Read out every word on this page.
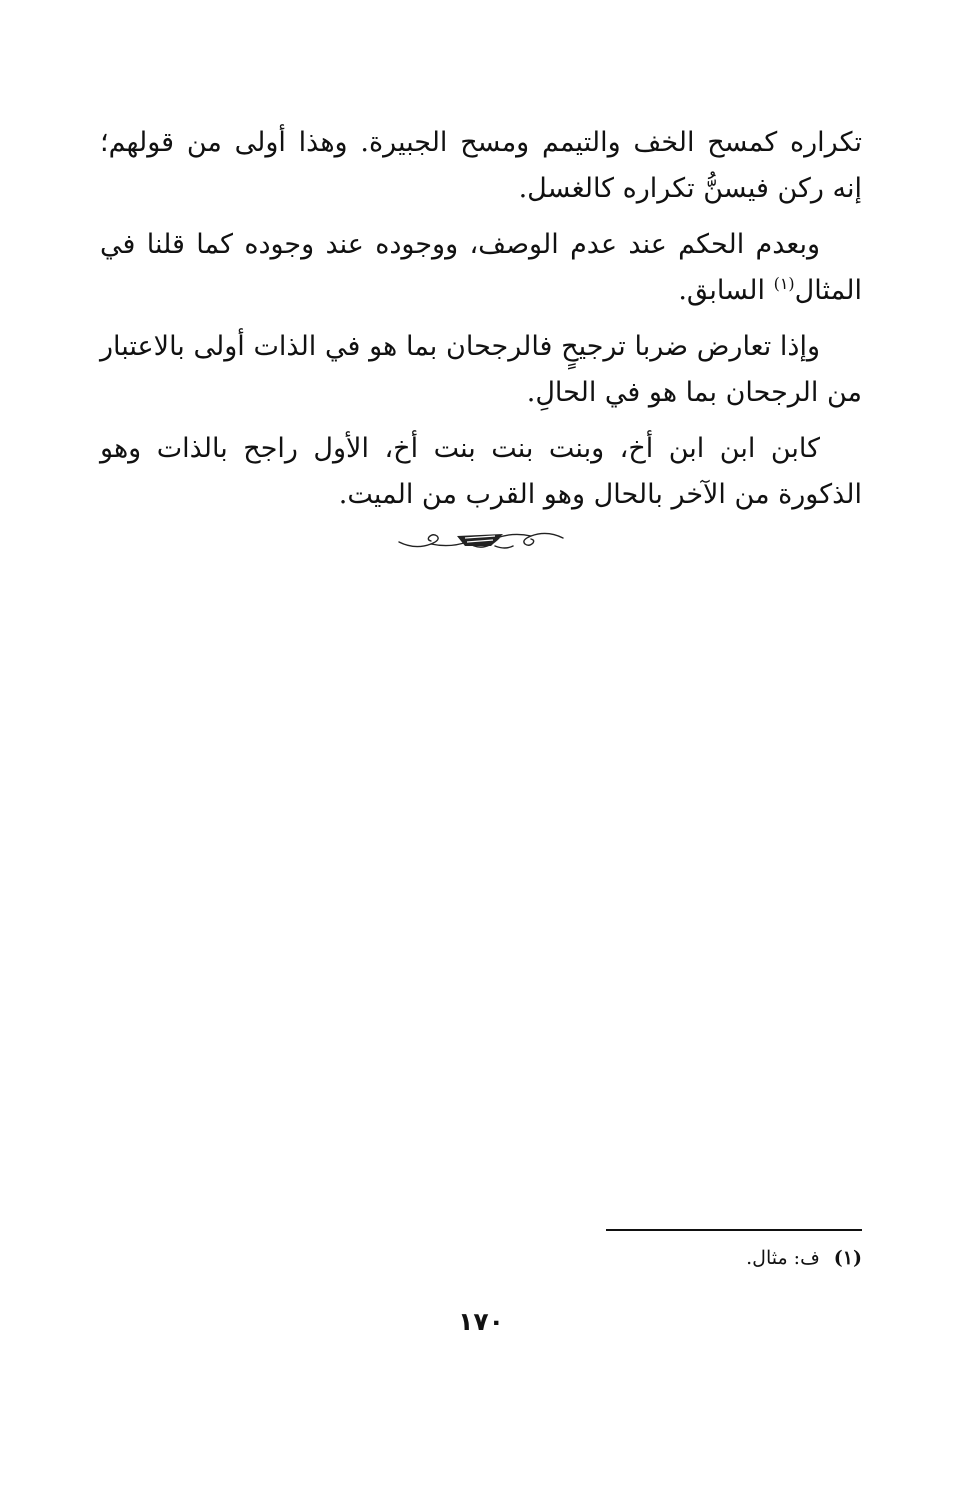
تكراره كمسح الخف والتيمم ومسح الجبيرة. وهذا أولى من قولهم؛ إنه ركن فيسنُّ تكراره كالغسل.

وبعدم الحكم عند عدم الوصف، ووجوده عند وجوده كما قلنا في المثال$^{(١)}$ السابق.

وإذا تعارض ضربا ترجيحٍ فالرجحان بما هو في الذات أولى بالاعتبار من الرجحان بما هو في الحالِ.

كابن ابن ابن أخ، وبنت بنت بنت أخ، الأول راجح بالذات وهو الذكورة من الآخر بالحال وهو القرب من الميت.

(١)ف: مثال.
١٧٠
